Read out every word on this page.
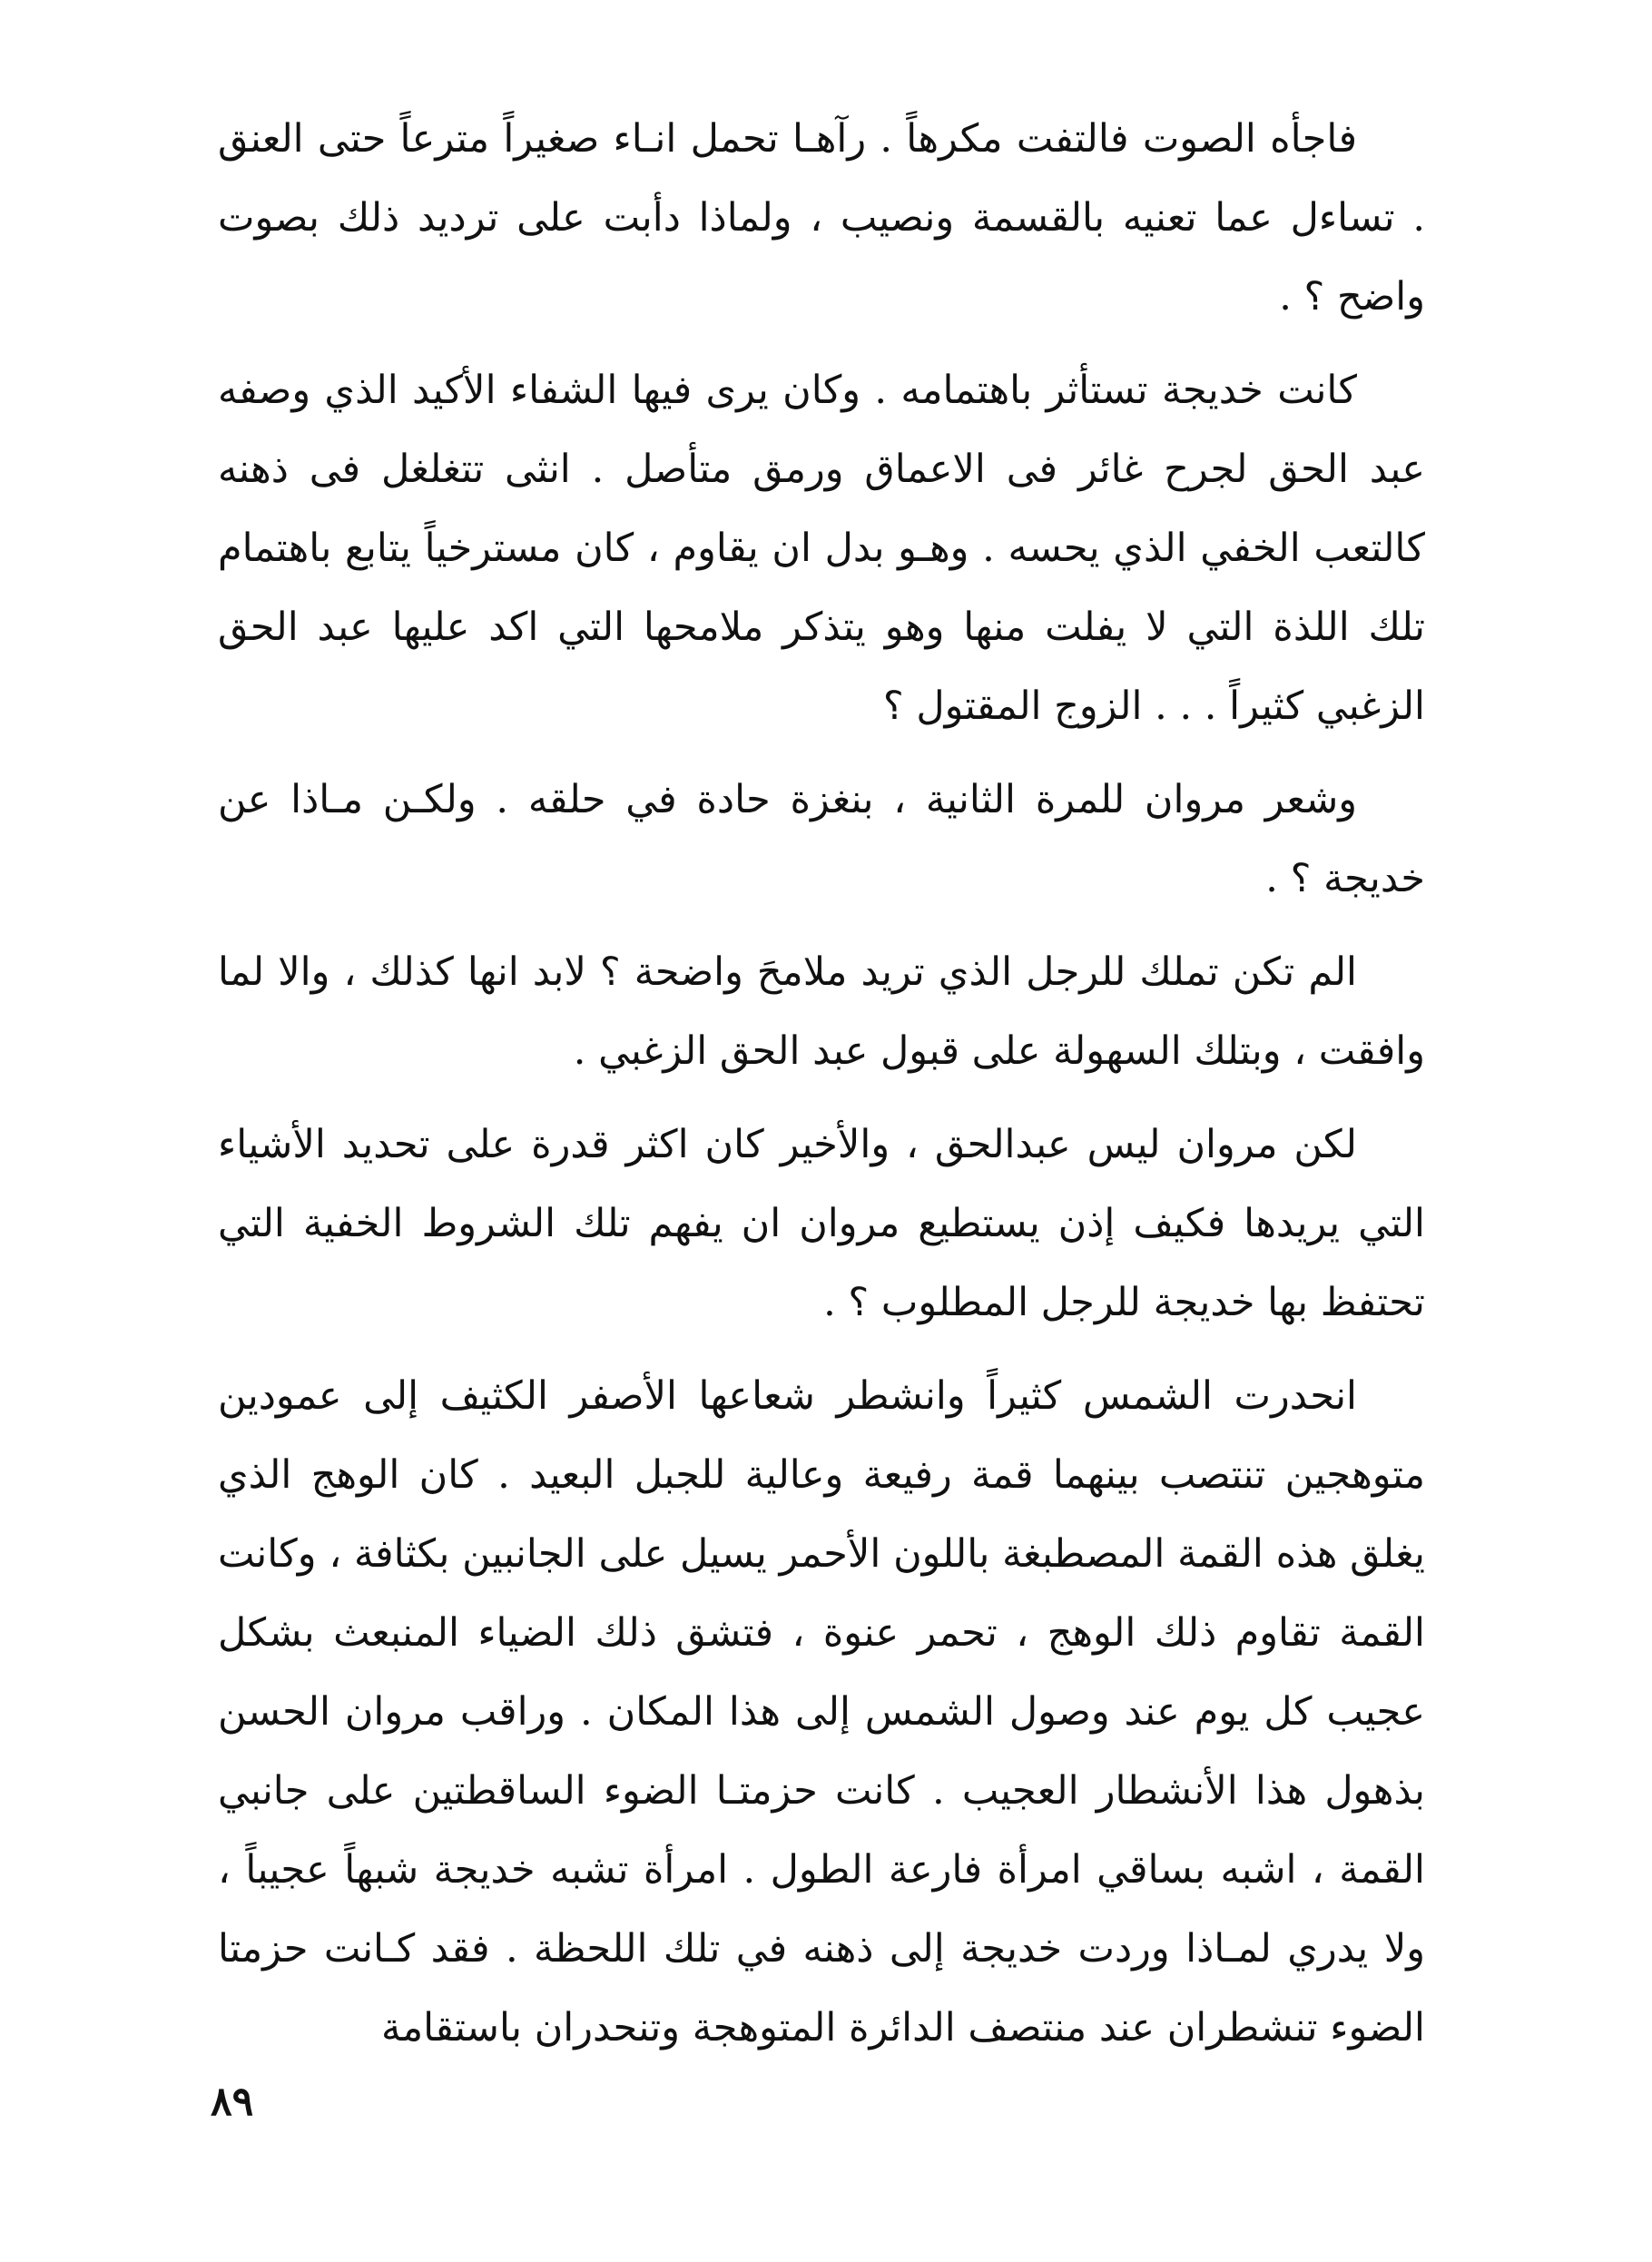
فاجأه الصوت فالتفت مكرهاً . رآهـا تحمل انـاء صغيراً مترعاً حتى العنق . تساءل عما تعنيه بالقسمة ونصيب ، ولماذا دأبت على ترديد ذلك بصوت واضح ؟ .

كانت خديجة تستأثر باهتمامه . وكان يرى فيها الشفاء الأكيد الذي وصفه عبد الحق لجرح غائر فى الاعماق ورمق متأصل . انثى تتغلغل فى ذهنه كالتعب الخفي الذي يحسه . وهـو بدل ان يقاوم ، كان مسترخياً يتابع باهتمام تلك اللذة التي لا يفلت منها وهو يتذكر ملامحها التي اكد عليها عبد الحق الزغبي كثيراً . . . الزوج المقتول ؟

وشعر مروان للمرة الثانية ، بنغزة حادة في حلقه . ولكـن مـاذا عن خديجة ؟ .

الم تكن تملك للرجل الذي تريد ملامحَ واضحة ؟ لابد انها كذلك ، والا لما وافقت ، وبتلك السهولة على قبول عبد الحق الزغبي .

لكن مروان ليس عبدالحق ، والأخير كان اكثر قدرة على تحديد الأشياء التي يريدها فكيف إذن يستطيع مروان ان يفهم تلك الشروط الخفية التي تحتفظ بها خديجة للرجل المطلوب ؟ .

انحدرت الشمس كثيراً وانشطر شعاعها الأصفر الكثيف إلى عمودين متوهجين تنتصب بينهما قمة رفيعة وعالية للجبل البعيد . كان الوهج الذي يغلق هذه القمة المصطبغة باللون الأحمر يسيل على الجانبين بكثافة ، وكانت القمة تقاوم ذلك الوهج ، تحمر عنوة ، فتشق ذلك الضياء المنبعث بشكل عجيب كل يوم عند وصول الشمس إلى هذا المكان . وراقب مروان الحسن بذهول هذا الأنشطار العجيب . كانت حزمتـا الضوء الساقطتين على جانبي القمة ، اشبه بساقي امرأة فارعة الطول . امرأة تشبه خديجة شبهاً عجيباً ، ولا يدري لمـاذا وردت خديجة إلى ذهنه في تلك اللحظة . فقد كـانت حزمتا الضوء تنشطران عند منتصف الدائرة المتوهجة وتنحدران باستقامة

٨٩
